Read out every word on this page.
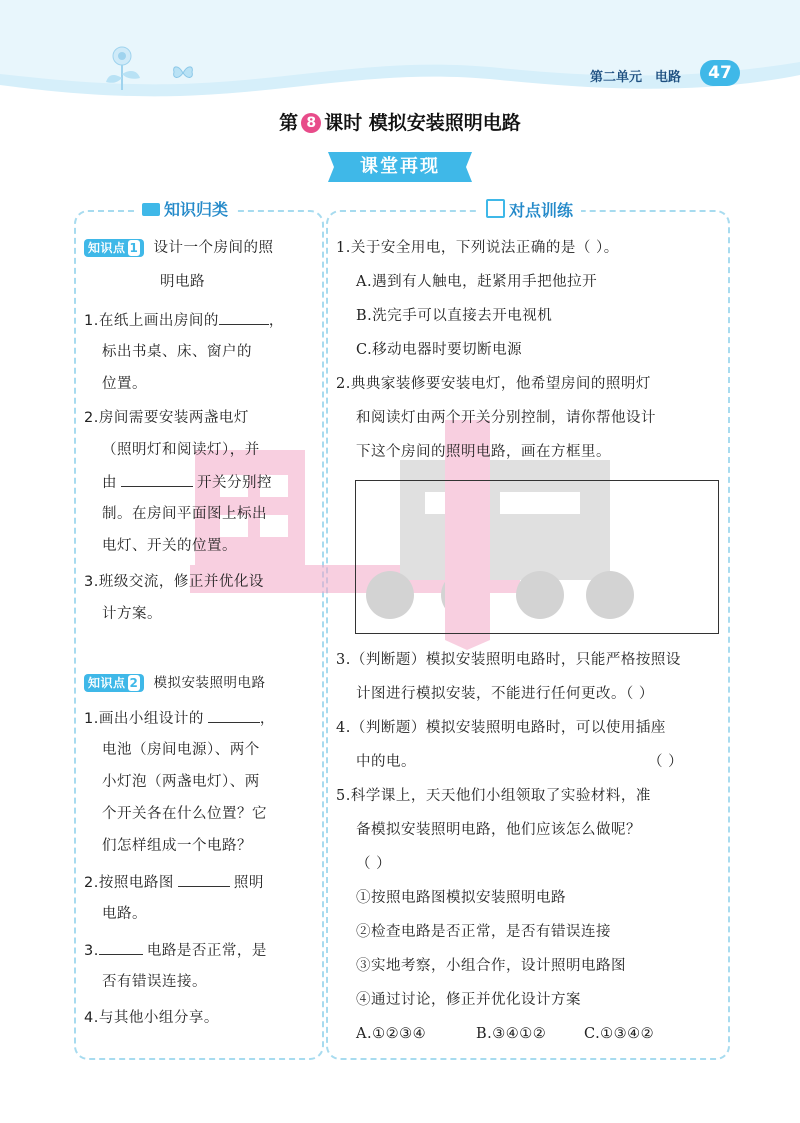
第二单元 电路	47
第 8 课时 模拟安装照明电路
课堂再现
知识归类	对点训练
知识点 1 设计一个房间的照
明电路
1.在纸上画出房间的	，
标出书桌、床、窗户的
位置。
2.房间需要安装两盏电灯
（照明灯和阅读灯），并
由	开关分别控
制。在房间平面图上标出
电灯、开关的位置。
3.班级交流，修正并优化设
计方案。
知识点 2 模拟安装照明电路
1.画出小组设计的	，
电池（房间电源）、两个
小灯泡（两盏电灯）、两
个开关各在什么位置？它
们怎样组成一个电路？
2.按照电路图	照明
电路。
3.	电路是否正常，是
否有错误连接。
4.与其他小组分享。
1.关于安全用电，下列说法正确的是（ ）。
A.遇到有人触电，赶紧用手把他拉开
B.洗完手可以直接去开电视机
C.移动电器时要切断电源
2.典典家装修要安装电灯，他希望房间的照明灯
和阅读灯由两个开关分别控制，请你帮他设计
下这个房间的照明电路，画在方框里。
3.（判断题）模拟安装照明电路时，只能严格按照设
计图进行模拟安装，不能进行任何更改。（ ）
4.（判断题）模拟安装照明电路时，可以使用插座
中的电。	（ ）
5.科学课上，天天他们小组领取了实验材料，准
备模拟安装照明电路，他们应该怎么做呢？
（ ）
①按照电路图模拟安装照明电路
②检查电路是否正常，是否有错误连接
③实地考察，小组合作，设计照明电路图
④通过讨论，修正并优化设计方案
A.①②③④	B.③④①②	C.①③④②
